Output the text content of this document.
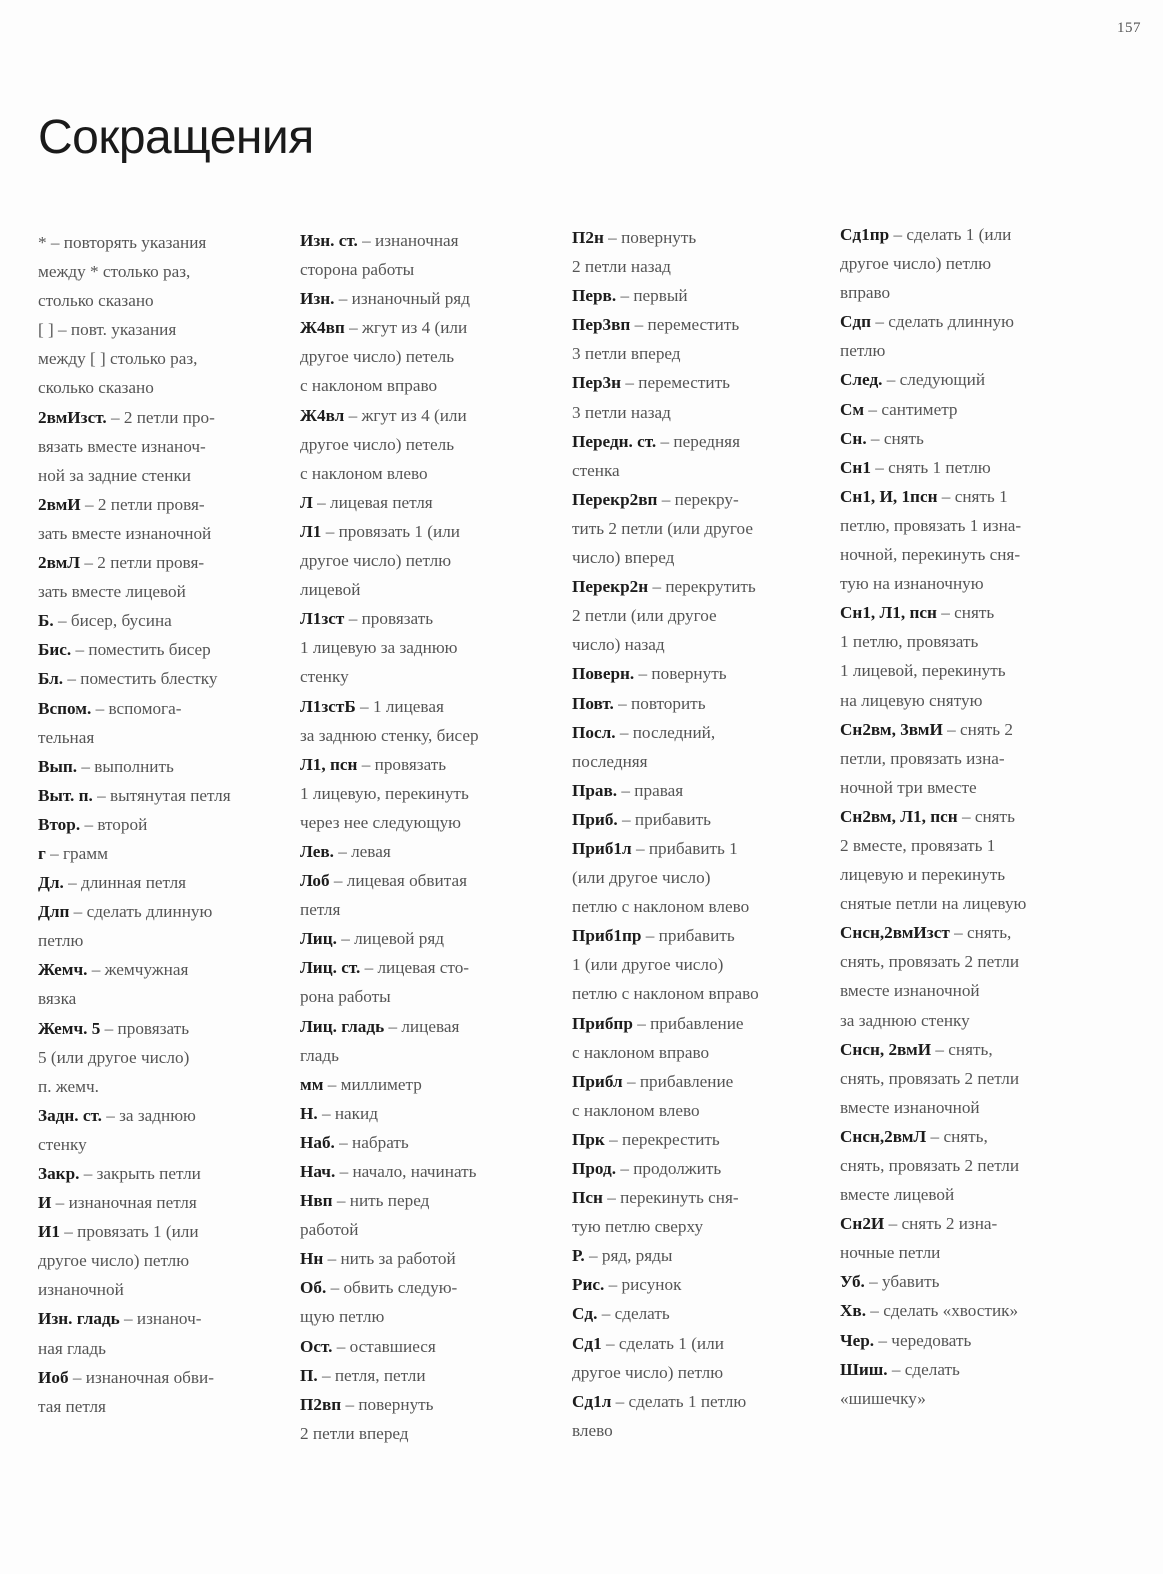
157
Сокращения
* – повторять указания
между * столько раз,
столько сказано
[ ] – повт. указания
между [ ] столько раз,
сколько сказано
2вмИзст. – 2 петли про-
вязать вместе изнаноч-
ной за задние стенки
2вмИ – 2 петли провя-
зать вместе изнаночной
2вмЛ – 2 петли провя-
зать вместе лицевой
Б. – бисер, бусина
Бис. – поместить бисер
Бл. – поместить блестку
Вспом. – вспомога-
тельная
Вып. – выполнить
Выт. п. – вытянутая петля
Втор. – второй
г – грамм
Дл. – длинная петля
Длп – сделать длинную
петлю
Жемч. – жемчужная
вязка
Жемч. 5 – провязать
5 (или другое число)
п. жемч.
Задн. ст. – за заднюю
стенку
Закр. – закрыть петли
И – изнаночная петля
И1 – провязать 1 (или
другое число) петлю
изнаночной
Изн. гладь – изнаноч-
ная гладь
Иоб – изнаночная обви-
тая петля
Изн. ст. – изнаночная
сторона работы
Изн. – изнаночный ряд
Ж4вп – жгут из 4 (или
другое число) петель
с наклоном вправо
Ж4вл – жгут из 4 (или
другое число) петель
с наклоном влево
Л – лицевая петля
Л1 – провязать 1 (или
другое число) петлю
лицевой
Л1зст – провязать
1 лицевую за заднюю
стенку
Л1зстБ – 1 лицевая
за заднюю стенку, бисер
Л1, псн – провязать
1 лицевую, перекинуть
через нее следующую
Лев. – левая
Лоб – лицевая обвитая
петля
Лиц. – лицевой ряд
Лиц. ст. – лицевая сто-
рона работы
Лиц. гладь – лицевая
гладь
мм – миллиметр
Н. – накид
Наб. – набрать
Нач. – начало, начинать
Нвп – нить перед
работой
Нн – нить за работой
Об. – обвить следую-
щую петлю
Ост. – оставшиеся
П. – петля, петли
П2вп – повернуть
2 петли вперед
П2н – повернуть
2 петли назад
Перв. – первый
Пер3вп – переместить
3 петли вперед
Пер3н – переместить
3 петли назад
Передн. ст. – передняя
стенка
Перекр2вп – перекру-
тить 2 петли (или другое
число) вперед
Перекр2н – перекрутить
2 петли (или другое
число) назад
Поверн. – повернуть
Повт. – повторить
Посл. – последний,
последняя
Прав. – правая
Приб. – прибавить
Приб1л – прибавить 1
(или другое число)
петлю с наклоном влево
Приб1пр – прибавить
1 (или другое число)
петлю с наклоном вправо
Прибпр – прибавление
с наклоном вправо
Прибл – прибавление
с наклоном влево
Прк – перекрестить
Прод. – продолжить
Псн – перекинуть сня-
тую петлю сверху
Р. – ряд, ряды
Рис. – рисунок
Сд. – сделать
Сд1 – сделать 1 (или
другое число) петлю
Сд1л – сделать 1 петлю
влево
Сд1пр – сделать 1 (или
другое число) петлю
вправо
Сдп – сделать длинную
петлю
След. – следующий
См – сантиметр
Сн. – снять
Сн1 – снять 1 петлю
Сн1, И, 1псн – снять 1
петлю, провязать 1 изна-
ночной, перекинуть сня-
тую на изнаночную
Сн1, Л1, псн – снять
1 петлю, провязать
1 лицевой, перекинуть
на лицевую снятую
Сн2вм, 3вмИ – снять 2
петли, провязать изна-
ночной три вместе
Сн2вм, Л1, псн – снять
2 вместе, провязать 1
лицевую и перекинуть
снятые петли на лицевую
Снсн,2вмИзст – снять,
снять, провязать 2 петли
вместе изнаночной
за заднюю стенку
Снсн, 2вмИ – снять,
снять, провязать 2 петли
вместе изнаночной
Снсн,2вмЛ – снять,
снять, провязать 2 петли
вместе лицевой
Сн2И – снять 2 изна-
ночные петли
Уб. – убавить
Хв. – сделать «хвостик»
Чер. – чередовать
Шиш. – сделать
«шишечку»
